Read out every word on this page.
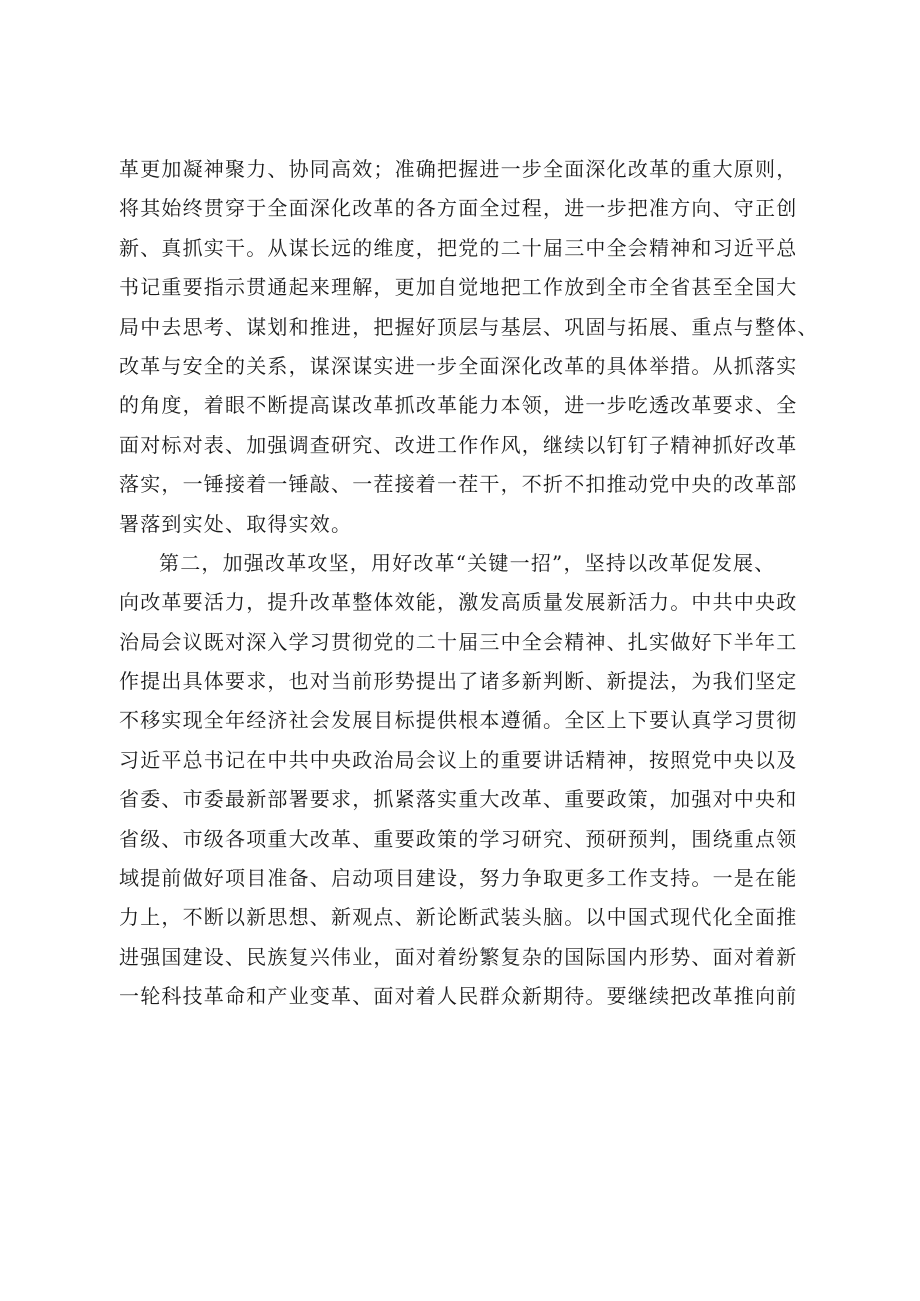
革更加凝神聚力、协同高效；准确把握进一步全面深化改革的重大原则，
将其始终贯穿于全面深化改革的各方面全过程，进一步把准方向、守正创
新、真抓实干。从谋长远的维度，把党的二十届三中全会精神和习近平总
书记重要指示贯通起来理解，更加自觉地把工作放到全市全省甚至全国大
局中去思考、谋划和推进，把握好顶层与基层、巩固与拓展、重点与整体、
改革与安全的关系，谋深谋实进一步全面深化改革的具体举措。从抓落实
的角度，着眼不断提高谋改革抓改革能力本领，进一步吃透改革要求、全
面对标对表、加强调查研究、改进工作作风，继续以钉钉子精神抓好改革
落实，一锤接着一锤敲、一茬接着一茬干，不折不扣推动党中央的改革部
署落到实处、取得实效。
第二，加强改革攻坚，用好改革“关键一招”，坚持以改革促发展、
向改革要活力，提升改革整体效能，激发高质量发展新活力。中共中央政
治局会议既对深入学习贯彻党的二十届三中全会精神、扎实做好下半年工
作提出具体要求，也对当前形势提出了诸多新判断、新提法，为我们坚定
不移实现全年经济社会发展目标提供根本遵循。全区上下要认真学习贯彻
习近平总书记在中共中央政治局会议上的重要讲话精神，按照党中央以及
省委、市委最新部署要求，抓紧落实重大改革、重要政策，加强对中央和
省级、市级各项重大改革、重要政策的学习研究、预研预判，围绕重点领
域提前做好项目准备、启动项目建设，努力争取更多工作支持。一是在能
力上，不断以新思想、新观点、新论断武装头脑。以中国式现代化全面推
进强国建设、民族复兴伟业，面对着纷繁复杂的国际国内形势、面对着新
一轮科技革命和产业变革、面对着人民群众新期待。要继续把改革推向前
